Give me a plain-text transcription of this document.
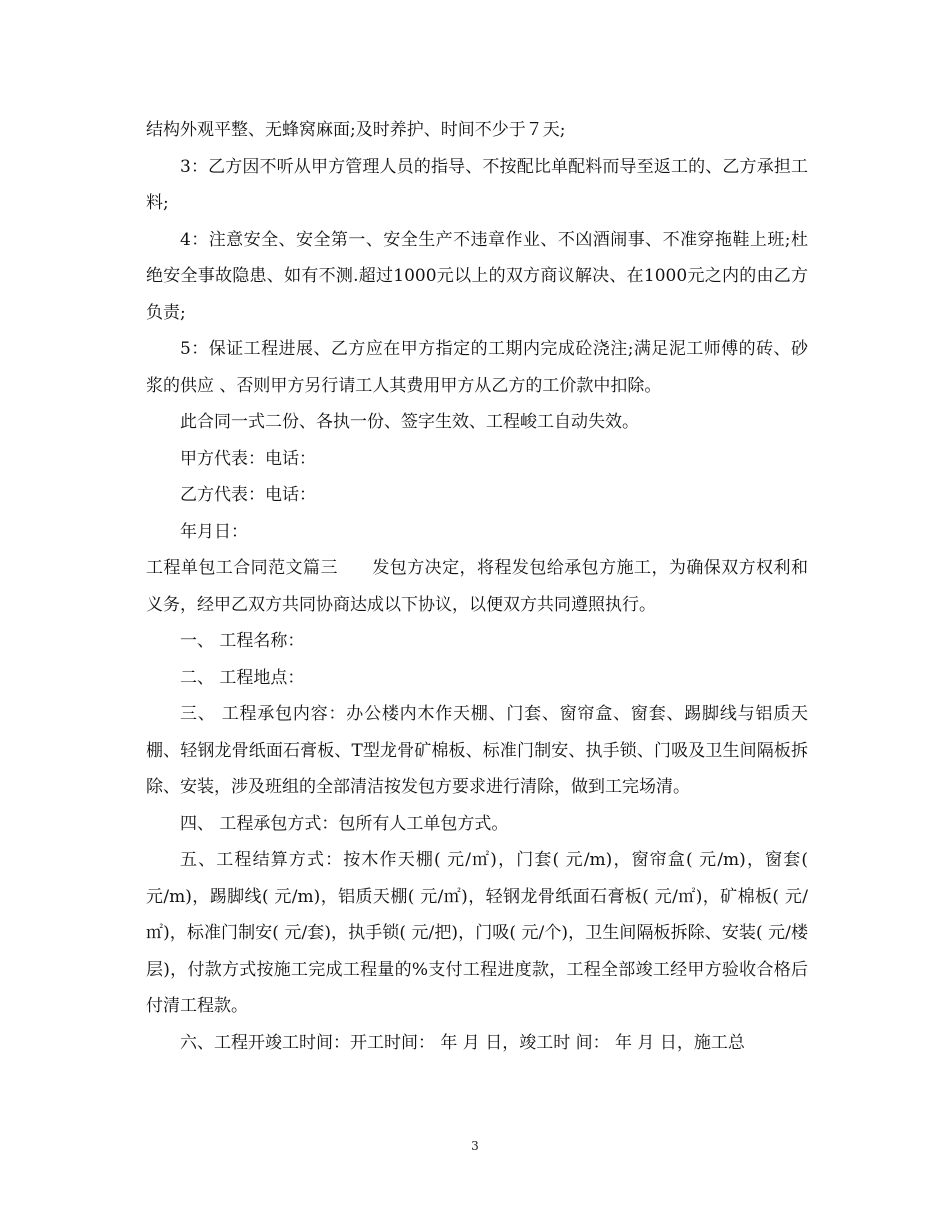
结构外观平整、无蜂窝麻面;及时养护、时间不少于７天;

3：乙方因不听从甲方管理人员的指导、不按配比单配料而导至返工的、乙方承担工料;

4：注意安全、安全第一、安全生产不违章作业、不凶酒闹事、不准穿拖鞋上班;杜绝安全事故隐患、如有不测.超过1000元以上的双方商议解决、在1000元之内的由乙方负责;

5：保证工程进展、乙方应在甲方指定的工期内完成砼浇注;满足泥工师傅的砖、砂浆的供应 、否则甲方另行请工人其费用甲方从乙方的工价款中扣除。

此合同一式二份、各执一份、签字生效、工程峻工自动失效。

甲方代表：电话：

乙方代表：电话：

年月日：

工程单包工合同范文篇三 发包方决定，将程发包给承包方施工，为确保双方权利和义务，经甲乙双方共同协商达成以下协议，以便双方共同遵照执行。

一、 工程名称：

二、 工程地点：

三、 工程承包内容：办公楼内木作天棚、门套、窗帘盒、窗套、踢脚线与铝质天棚、轻钢龙骨纸面石膏板、T型龙骨矿棉板、标准门制安、执手锁、门吸及卫生间隔板拆除、安装，涉及班组的全部清洁按发包方要求进行清除，做到工完场清。

四、 工程承包方式：包所有人工单包方式。

五、工程结算方式：按木作天棚( 元/㎡)，门套( 元/m)，窗帘盒( 元/m)，窗套( 元/m)，踢脚线( 元/m)，铝质天棚( 元/㎡)，轻钢龙骨纸面石膏板( 元/㎡)，矿棉板( 元/㎡)，标准门制安( 元/套)，执手锁( 元/把)，门吸( 元/个)，卫生间隔板拆除、安装( 元/楼层)，付款方式按施工完成工程量的%支付工程进度款，工程全部竣工经甲方验收合格后付清工程款。

六、工程开竣工时间：开工时间： 年 月 日，竣工时 间： 年 月 日，施工总

3
